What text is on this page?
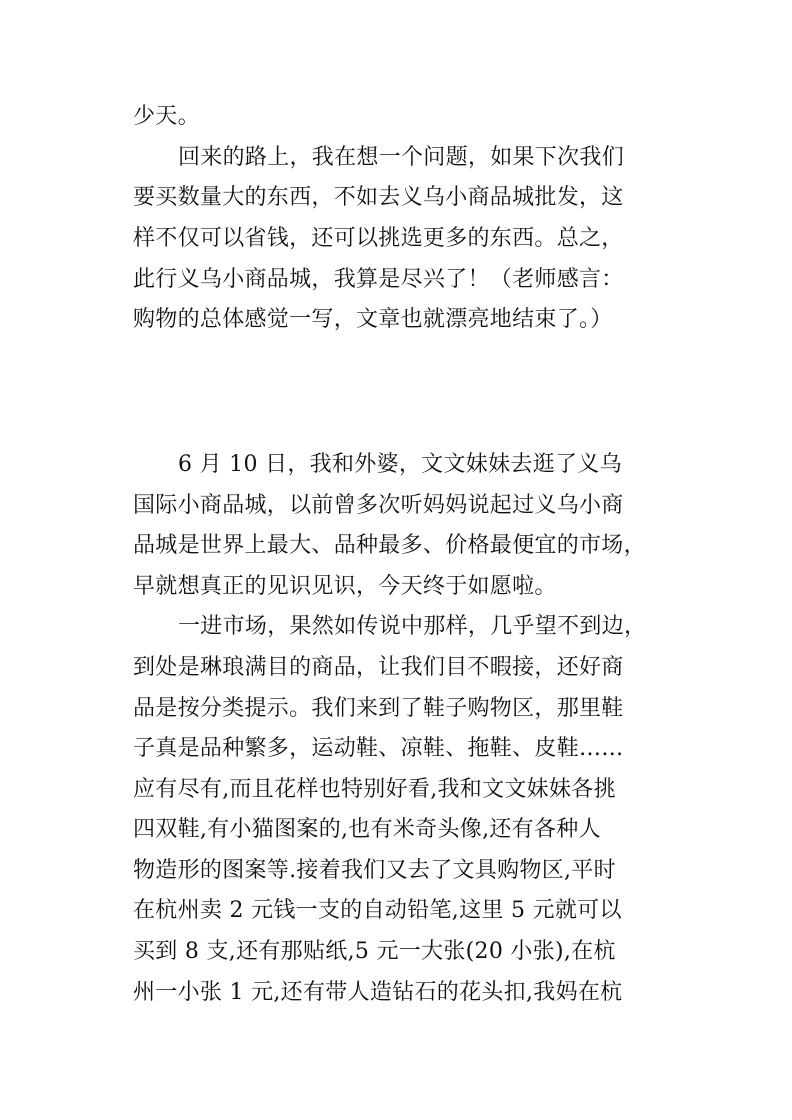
少天。
回来的路上，我在想一个问题，如果下次我们
要买数量大的东西，不如去义乌小商品城批发，这
样不仅可以省钱，还可以挑选更多的东西。总之，
此行义乌小商品城，我算是尽兴了！（老师感言：
购物的总体感觉一写，文章也就漂亮地结束了。）
6 月 10 日，我和外婆，文文妹妹去逛了义乌
国际小商品城，以前曾多次听妈妈说起过义乌小商
品城是世界上最大、品种最多、价格最便宜的市场，
早就想真正的见识见识，今天终于如愿啦。
一进市场，果然如传说中那样，几乎望不到边，
到处是琳琅满目的商品，让我们目不暇接，还好商
品是按分类提示。我们来到了鞋子购物区，那里鞋
子真是品种繁多，运动鞋、凉鞋、拖鞋、皮鞋……
应有尽有,而且花样也特别好看,我和文文妹妹各挑
四双鞋,有小猫图案的,也有米奇头像,还有各种人
物造形的图案等.接着我们又去了文具购物区,平时
在杭州卖 2 元钱一支的自动铅笔,这里 5 元就可以
买到 8 支,还有那贴纸,5 元一大张(20 小张),在杭
州一小张 1 元,还有带人造钻石的花头扣,我妈在杭
